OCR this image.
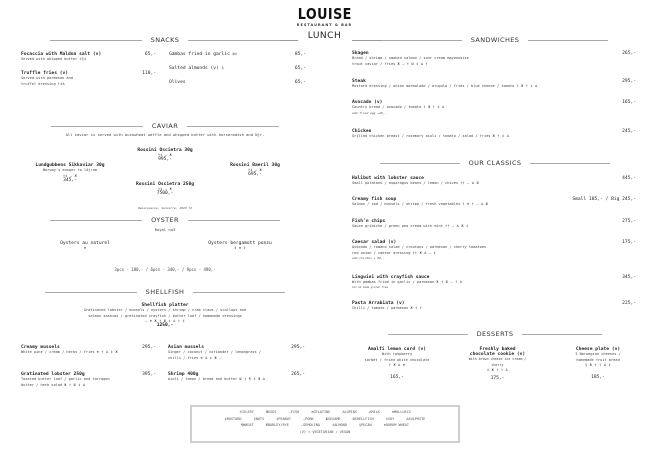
LOUISE
RESTAURANT & BAR
LUNCH
SNACKS
Focaccia with Maldon salt (v)	65,-
Served with whipped butter †§‡
Truffle fries (v)	110,-
Served with parmesan and
truffel dressing †‡∆
Gambas fried in garlic Ш‡	85,-
Salted almonds (v) §	65,-
Olives	65,-
CAVIAR
All caviar is served with buckwheat waffle and whipped butter with horseradish and Njr.
Rossini Oscietra 30g
†‡ — Ж
995,-
Lundgubbens Sikkaviar 30g
Norway's answer to löjrom
†‡ — Ж
345,-
Rossini Baeril 30g
†‡ — Ж
695,-
Rossini Oscietra 250g
†‡ — Ж
7500,-
Renaissance, Sancerre, 2020 †‡
OYSTER
Royal no3
Oysters au naturel
⊕
Oysters bergamott ponzu
‡ ⊕ ‡
3pcs - 180,- / 6pcs - 340,- / 9pcs - 490,-
SHELLFISH
Shellfish platter
Gratinated lobster / mussels / oysters / shrimp / crab claws / scallops and
salmon sashimi / gratinated crayfish / butter loaf / homemade dressings
— ⊕ Ж † Ш ‡ ∆ † ‡
1250,-
Creamy mussels	295,-
White wine / cream / herbs / fries ⊕ † ∆ ‡ Ж
Asian mussels	295,-
Ginger / coconut / coriander / lemongrass /
chilli / fries ⊕ ∆ ‡ Ж —
Gratinated lobster 250g	395,-
Toasted butter loaf / garlic and tarragon
butter / herb salad Ж † Ш ‡ ∆
Shrimp 400g	265,-
Aioli / lemon / bread and butter Ш † ¶ ‡ Ж ∆
SANDWICHES
Skagen	265,-
Bread / shrimp / smoked salmon / sour cream mayonnaise
trout caviar / fries Ж — † Ш ‡ ∆ †
Steak	295,-
Mustard dressing / onion marmalade / arugula / fries / blue cheese / tomato † Ж † ‡ ∆
Avocado (v)	165,-
Country bread / avocado / tomato † Ж † ‡ ∆
add fried egg +20,-
Chicken	245,-
Grilled chicken breast / rosemary aioli / tomato / salad / fries Ж † ‡ ∆
OUR CLASSICS
Halibut with lobster sauce	445,-
Small potatoes / asparagus beans / lemon / chives †† — ∆ Ш
Creamy fish soup	Small 185,- / Big 245,-
Salmon / cod / mussels / shrimp / fresh vegetables † ⊕ † — ∆ Ш
Fish'n chips	275,-
Sauce gribiche / green pea cream with mint †† — ∆ Ж ‡
Caesar salad (v)	175,-
Avocado / romano salad / croutons / parmesan / cherry tomatoes
red onion / caesar dressing †† Ж ∆ — ‡
add chicken + 80,-
Linguini with crayfish sauce	345,-
With gambas fried in garlic / parmesan Ж † Ш — † ∆
Can be made gluten free
Pasta Arrabiata (v)	225,-
Chilli / tomato / parmesan Ж † †
DESSERTS
Amalfi lemon curd (v)
With raspberry
sorbet / fried white chocolate
† Ж ∆ ⊕
165,-
Freshly baked
chocolate cookie (v)
With brown cheese ice cream /
cherry
‡ Ж † † ∆
175,-
Cheese plate (v)
3 Norwegian cheeses /
homemade fruit bread
§ Ж † † ∆ ‡
185,-
†CELERY	ЖEGGS	—FISH	⊕GELATINE	∆LUPINS	∆MILK	⊕MOLLUSCS
‡MUSTARD	§NUTS	‡PEANUT	—PORK	ШSESAME	ШSHELLFISH	‡SOY	∆SULPHITE
¶WHEAT	ФBARLEY/RYE	—SEMOLINA	‡ALMOND	§PECAN	⊕DURUM WHEAT
(V) = VEGETARIAN / VEGAN
